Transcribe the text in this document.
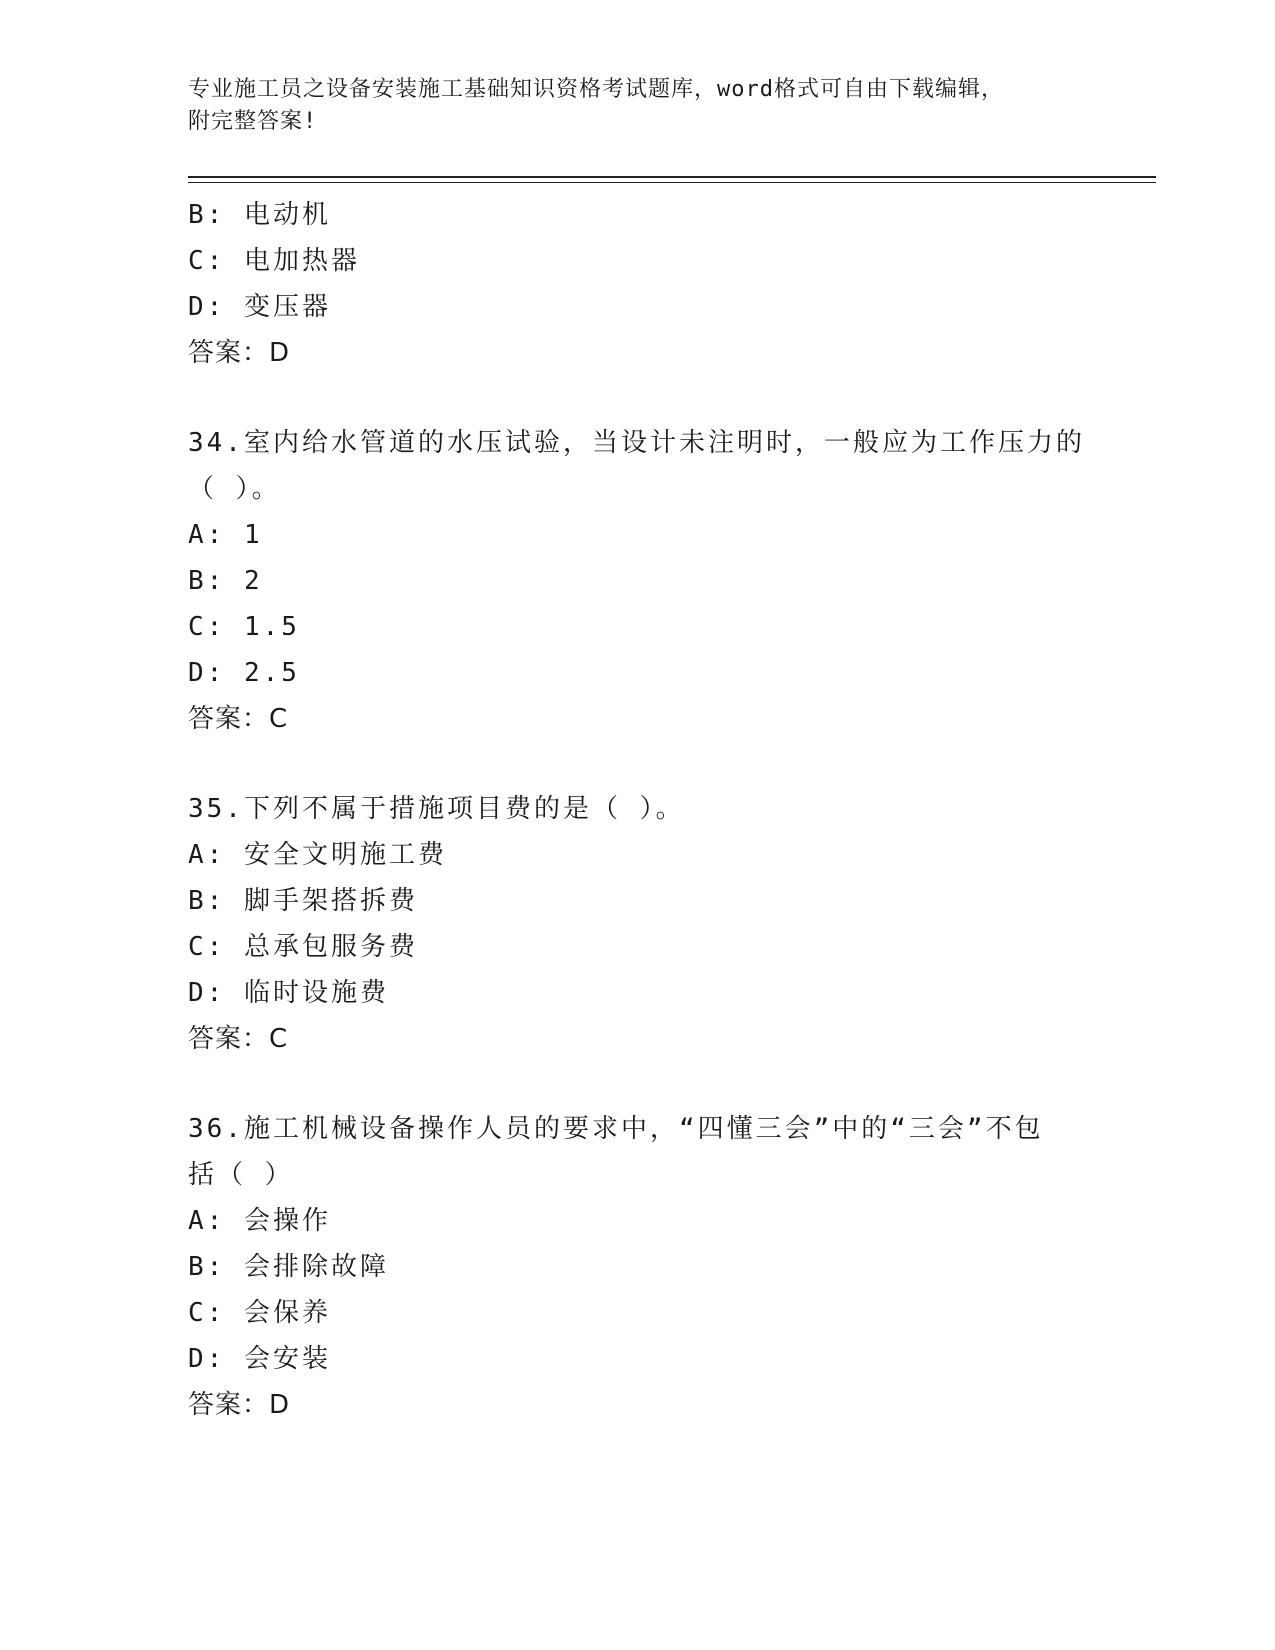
专业施工员之设备安装施工基础知识资格考试题库，word格式可自由下载编辑，
附完整答案!
B: 电动机
C: 电加热器
D: 变压器
答案：D
34.室内给水管道的水压试验，当设计未注明时，一般应为工作压力的
（ ）。
A: 1
B: 2
C: 1.5
D: 2.5
答案：C
35.下列不属于措施项目费的是（ ）。
A: 安全文明施工费
B: 脚手架搭拆费
C: 总承包服务费
D: 临时设施费
答案：C
36.施工机械设备操作人员的要求中，“四懂三会”中的“三会”不包
括（ ）
A: 会操作
B: 会排除故障
C: 会保养
D: 会安装
答案：D
